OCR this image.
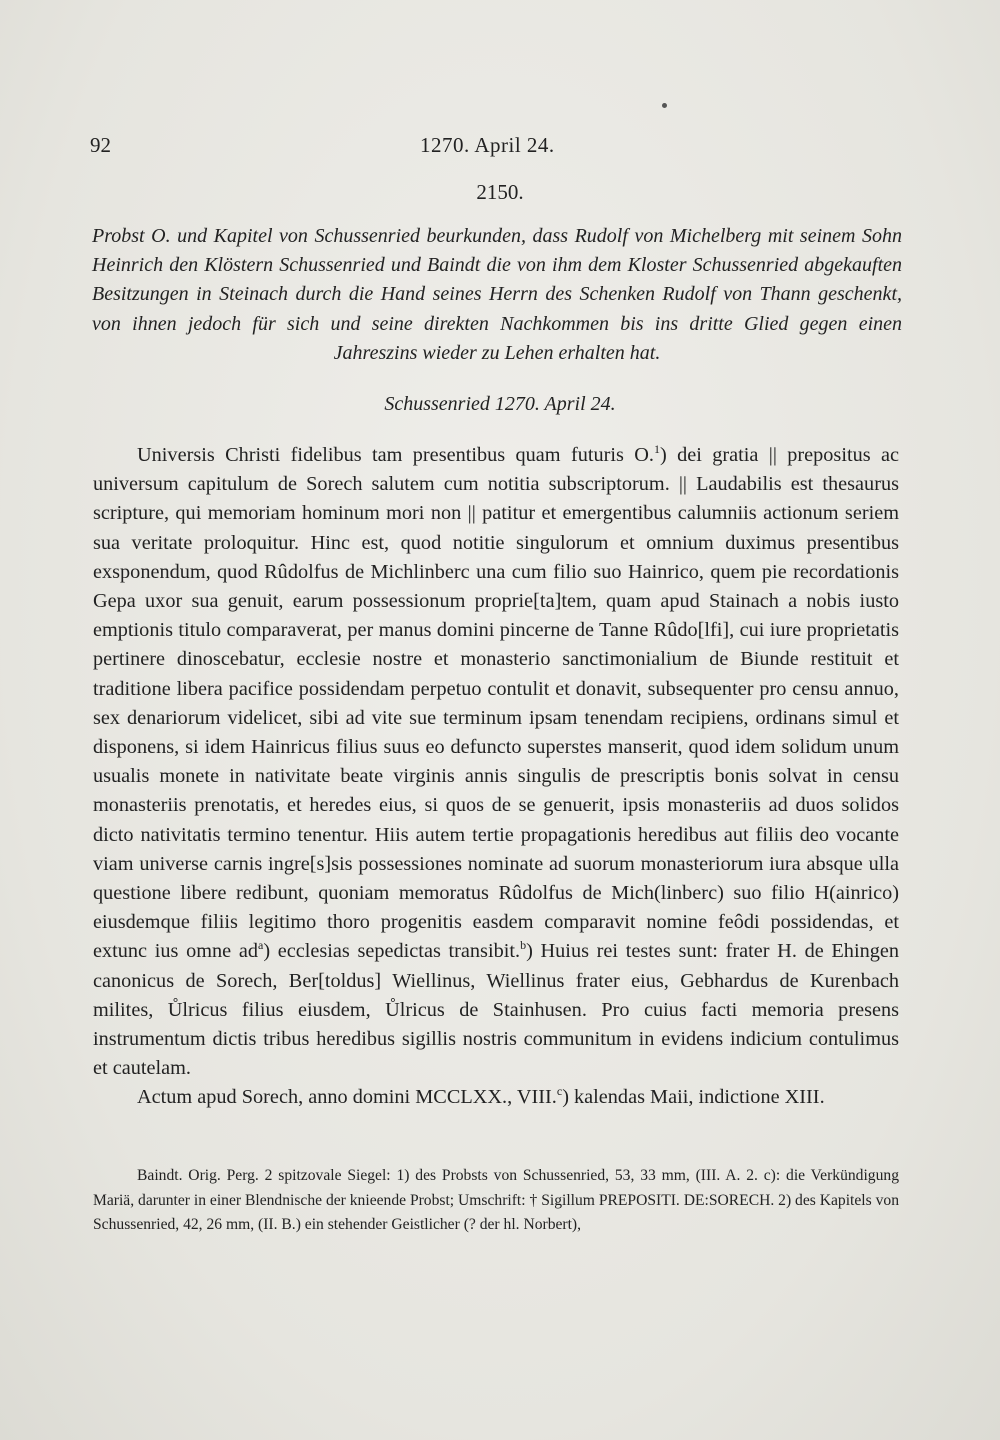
92	1270. April 24.
2150.
Probst O. und Kapitel von Schussenried beurkunden, dass Rudolf von Michelberg mit seinem Sohn Heinrich den Klöstern Schussenried und Baindt die von ihm dem Kloster Schussenried abgekauften Besitzungen in Steinach durch die Hand seines Herrn des Schenken Rudolf von Thann geschenkt, von ihnen jedoch für sich und seine direkten Nachkommen bis ins dritte Glied gegen einen Jahreszins wieder zu Lehen erhalten hat.
Schussenried 1270. April 24.

Universis Christi fidelibus tam presentibus quam futuris O.$^1$) dei gratia || prepositus ac universum capitulum de Sorech salutem cum notitia subscriptorum. || Laudabilis est thesaurus scripture, qui memoriam hominum mori non || patitur et emergentibus calumniis actionum seriem sua veritate proloquitur. Hinc est, quod notitie singulorum et omnium duximus presentibus exsponendum, quod Rûdolfus de Michlinberc una cum filio suo Hainrico, quem pie recordationis Gepa uxor sua genuit, earum possessionum proprie[ta]tem, quam apud Stainach a nobis iusto emptionis titulo comparaverat, per manus domini pincerne de Tanne Rûdo[lfi], cui iure proprietatis pertinere dinoscebatur, ecclesie nostre et monasterio sanctimonialium de Biunde restituit et traditione libera pacifice possidendam perpetuo contulit et donavit, subsequenter pro censu annuo, sex denariorum videlicet, sibi ad vite sue terminum ipsam tenendam recipiens, ordinans simul et disponens, si idem Hainricus filius suus eo defuncto superstes manserit, quod idem solidum unum usualis monete in nativitate beate virginis annis singulis de prescriptis bonis solvat in censu monasteriis prenotatis, et heredes eius, si quos de se genuerit, ipsis monasteriis ad duos solidos dicto nativitatis termino tenentur. Hiis autem tertie propagationis heredibus aut filiis deo vocante viam universe carnis ingre[s]sis possessiones nominate ad suorum monasteriorum iura absque ulla questione libere redibunt, quoniam memoratus Rûdolfus de Mich(linberc) suo filio H(ainrico) eiusdemque filiis legitimo thoro progenitis easdem comparavit nomine feôdi possidendas, et extunc ius omne $ad^a$) ecclesias sepedictas transibit.$^b$) Huius rei testes sunt: frater H. de Ehingen canonicus de Sorech, Ber[toldus] Wiellinus, Wiellinus frater eius, Gebhardus de Kurenbach milites, Ůlricus filius eiusdem, Ůlricus de Stainhusen. Pro cuius facti memoria presens instrumentum dictis tribus heredibus sigillis nostris communitum in evidens indicium contulimus et cautelam.

Actum apud Sorech, anno domini MCCLXX., VIII.$^c$) kalendas Maii, indictione XIII.

Baindt. Orig. Perg. 2 spitzovale Siegel: 1) des Probsts von Schussenried, 53, 33 mm, (III. A. 2. c): die Verkündigung Mariä, darunter in einer Blendnische der knieende Probst; Umschrift: † Sigillum PREPOSITI. DE:SORECH. 2) des Kapitels von Schussenried, 42, 26 mm, (II. B.) ein stehender Geistlicher (? der hl. Norbert),
